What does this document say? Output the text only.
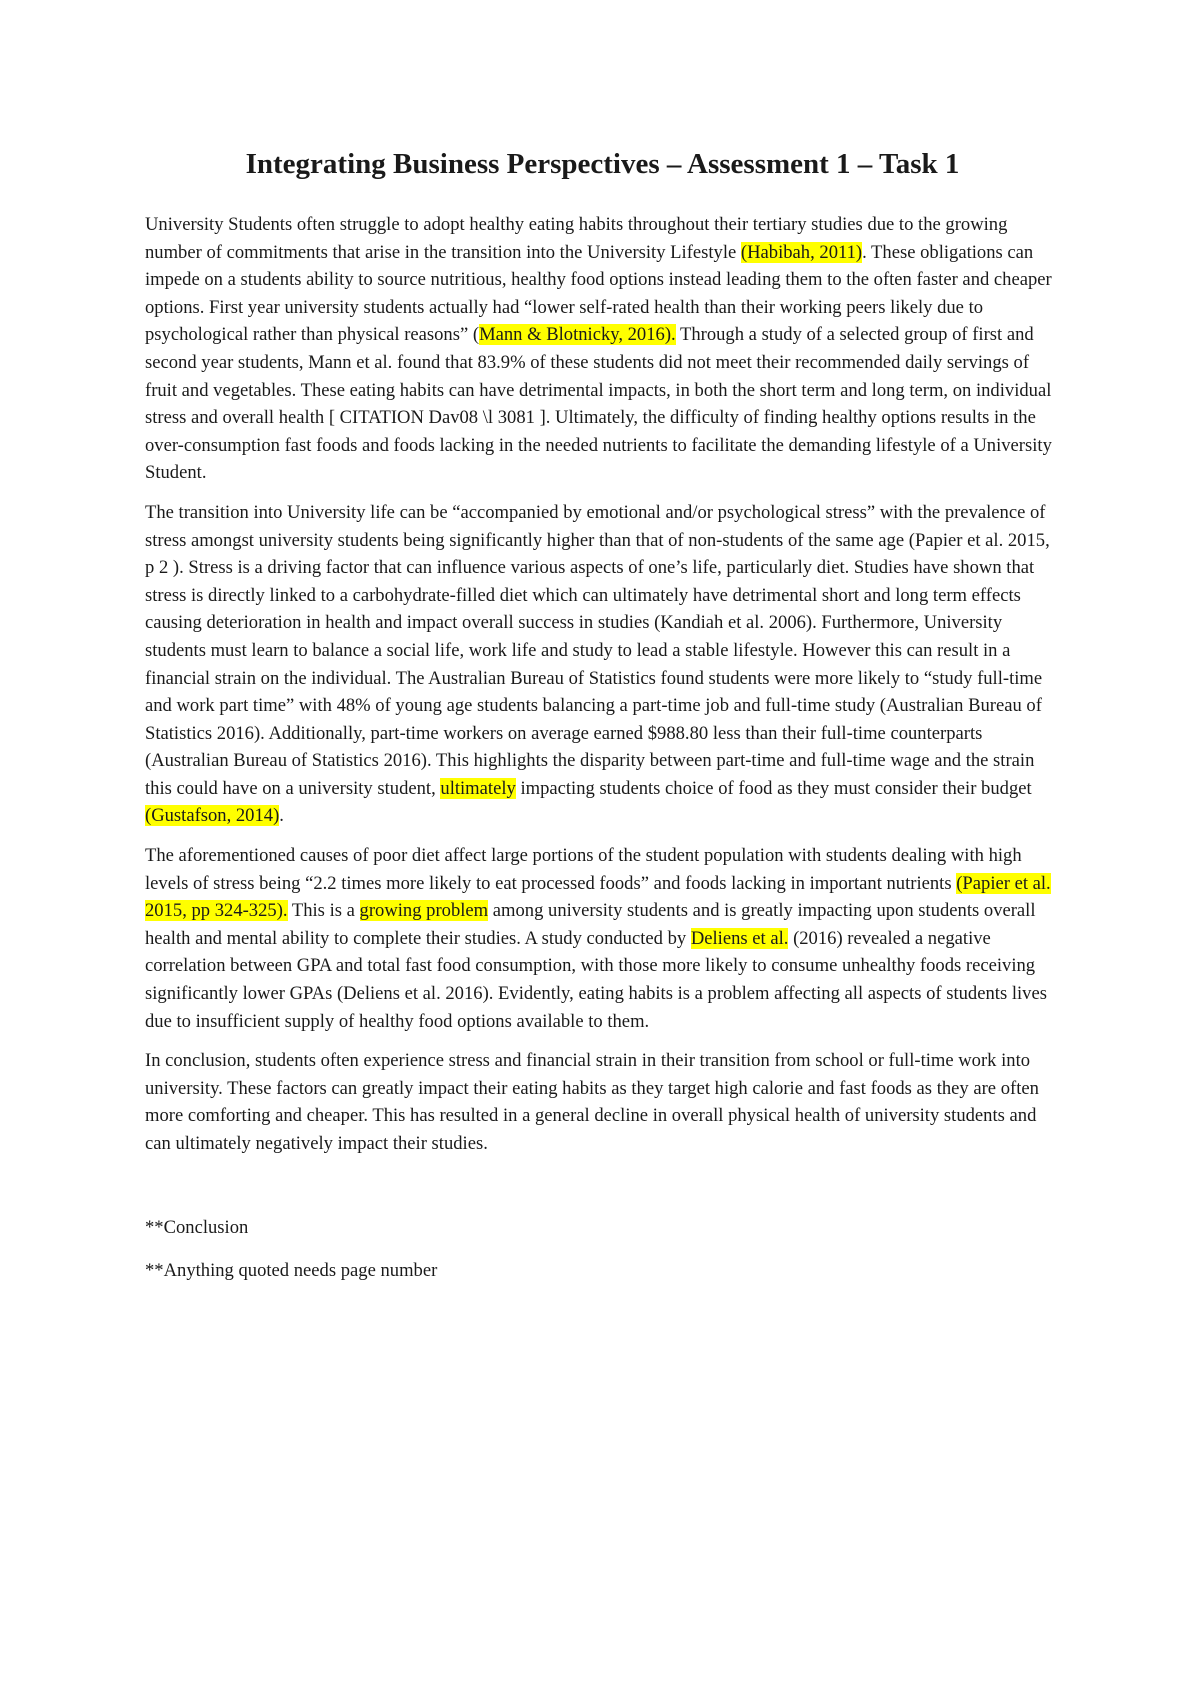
Integrating Business Perspectives – Assessment 1 – Task 1

University Students often struggle to adopt healthy eating habits throughout their tertiary studies due to the growing number of commitments that arise in the transition into the University Lifestyle (Habibah, 2011). These obligations can impede on a students ability to source nutritious, healthy food options instead leading them to the often faster and cheaper options. First year university students actually had “lower self-rated health than their working peers likely due to psychological rather than physical reasons” (Mann & Blotnicky, 2016). Through a study of a selected group of first and second year students, Mann et al. found that 83.9% of these students did not meet their recommended daily servings of fruit and vegetables. These eating habits can have detrimental impacts, in both the short term and long term, on individual stress and overall health [ CITATION Dav08 \l 3081 ]. Ultimately, the difficulty of finding healthy options results in the over-consumption fast foods and foods lacking in the needed nutrients to facilitate the demanding lifestyle of a University Student.

The transition into University life can be “accompanied by emotional and/or psychological stress” with the prevalence of stress amongst university students being significantly higher than that of non-students of the same age (Papier et al. 2015, p 2 ). Stress is a driving factor that can influence various aspects of one’s life, particularly diet. Studies have shown that stress is directly linked to a carbohydrate-filled diet which can ultimately have detrimental short and long term effects causing deterioration in health and impact overall success in studies (Kandiah et al. 2006). Furthermore, University students must learn to balance a social life, work life and study to lead a stable lifestyle. However this can result in a financial strain on the individual. The Australian Bureau of Statistics found students were more likely to “study full-time and work part time” with 48% of young age students balancing a part-time job and full-time study (Australian Bureau of Statistics 2016). Additionally, part-time workers on average earned $988.80 less than their full-time counterparts (Australian Bureau of Statistics 2016). This highlights the disparity between part-time and full-time wage and the strain this could have on a university student, ultimately impacting students choice of food as they must consider their budget (Gustafson, 2014).

The aforementioned causes of poor diet affect large portions of the student population with students dealing with high levels of stress being “2.2 times more likely to eat processed foods” and foods lacking in important nutrients (Papier et al. 2015, pp 324-325). This is a growing problem among university students and is greatly impacting upon students overall health and mental ability to complete their studies. A study conducted by Deliens et al. (2016) revealed a negative correlation between GPA and total fast food consumption, with those more likely to consume unhealthy foods receiving significantly lower GPAs (Deliens et al. 2016). Evidently, eating habits is a problem affecting all aspects of students lives due to insufficient supply of healthy food options available to them.

In conclusion, students often experience stress and financial strain in their transition from school or full-time work into university. These factors can greatly impact their eating habits as they target high calorie and fast foods as they are often more comforting and cheaper. This has resulted in a general decline in overall physical health of university students and can ultimately negatively impact their studies.

**Conclusion

**Anything quoted needs page number
